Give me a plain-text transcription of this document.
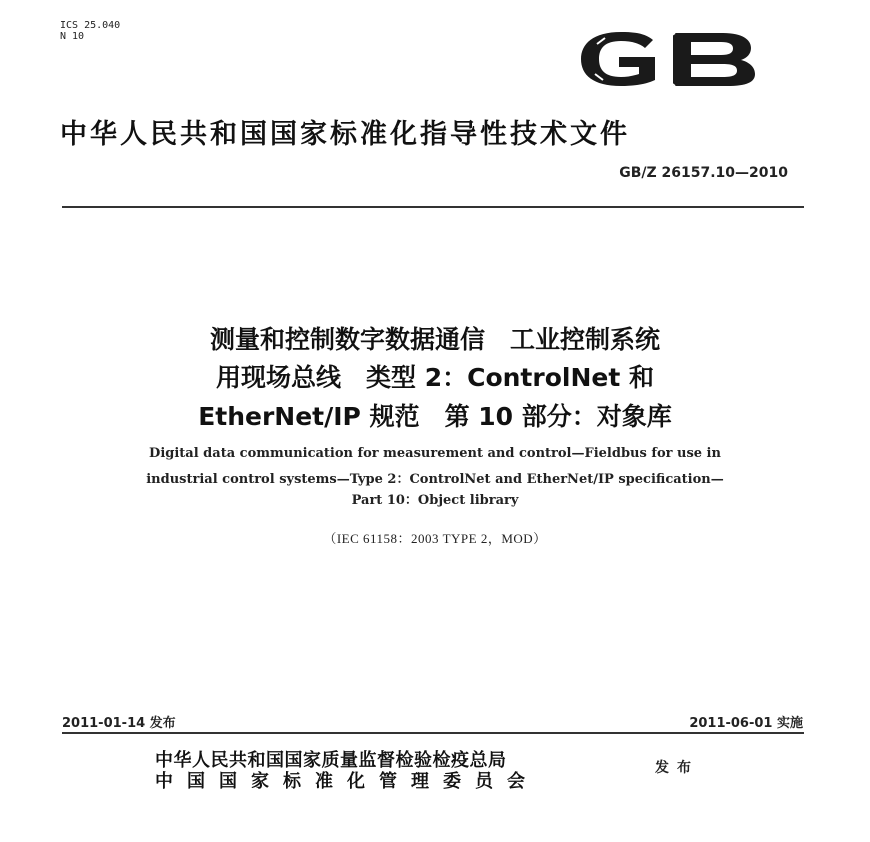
ICS 25.040
N 10
中华人民共和国国家标准化指导性技术文件
GB/Z 26157.10—2010
测量和控制数字数据通信　工业控制系统
用现场总线　类型 2：ControlNet 和
EtherNet/IP 规范　第 10 部分：对象库
Digital data communication for measurement and control—Fieldbus for use in
industrial control systems—Type 2：ControlNet and EtherNet/IP specification—
Part 10：Object library
（IEC 61158：2003 TYPE 2，MOD）
2011-01-14 发布	2011-06-01 实施
中华人民共和国国家质量监督检验检疫总局
中国国家标准化管理委员会
发布
